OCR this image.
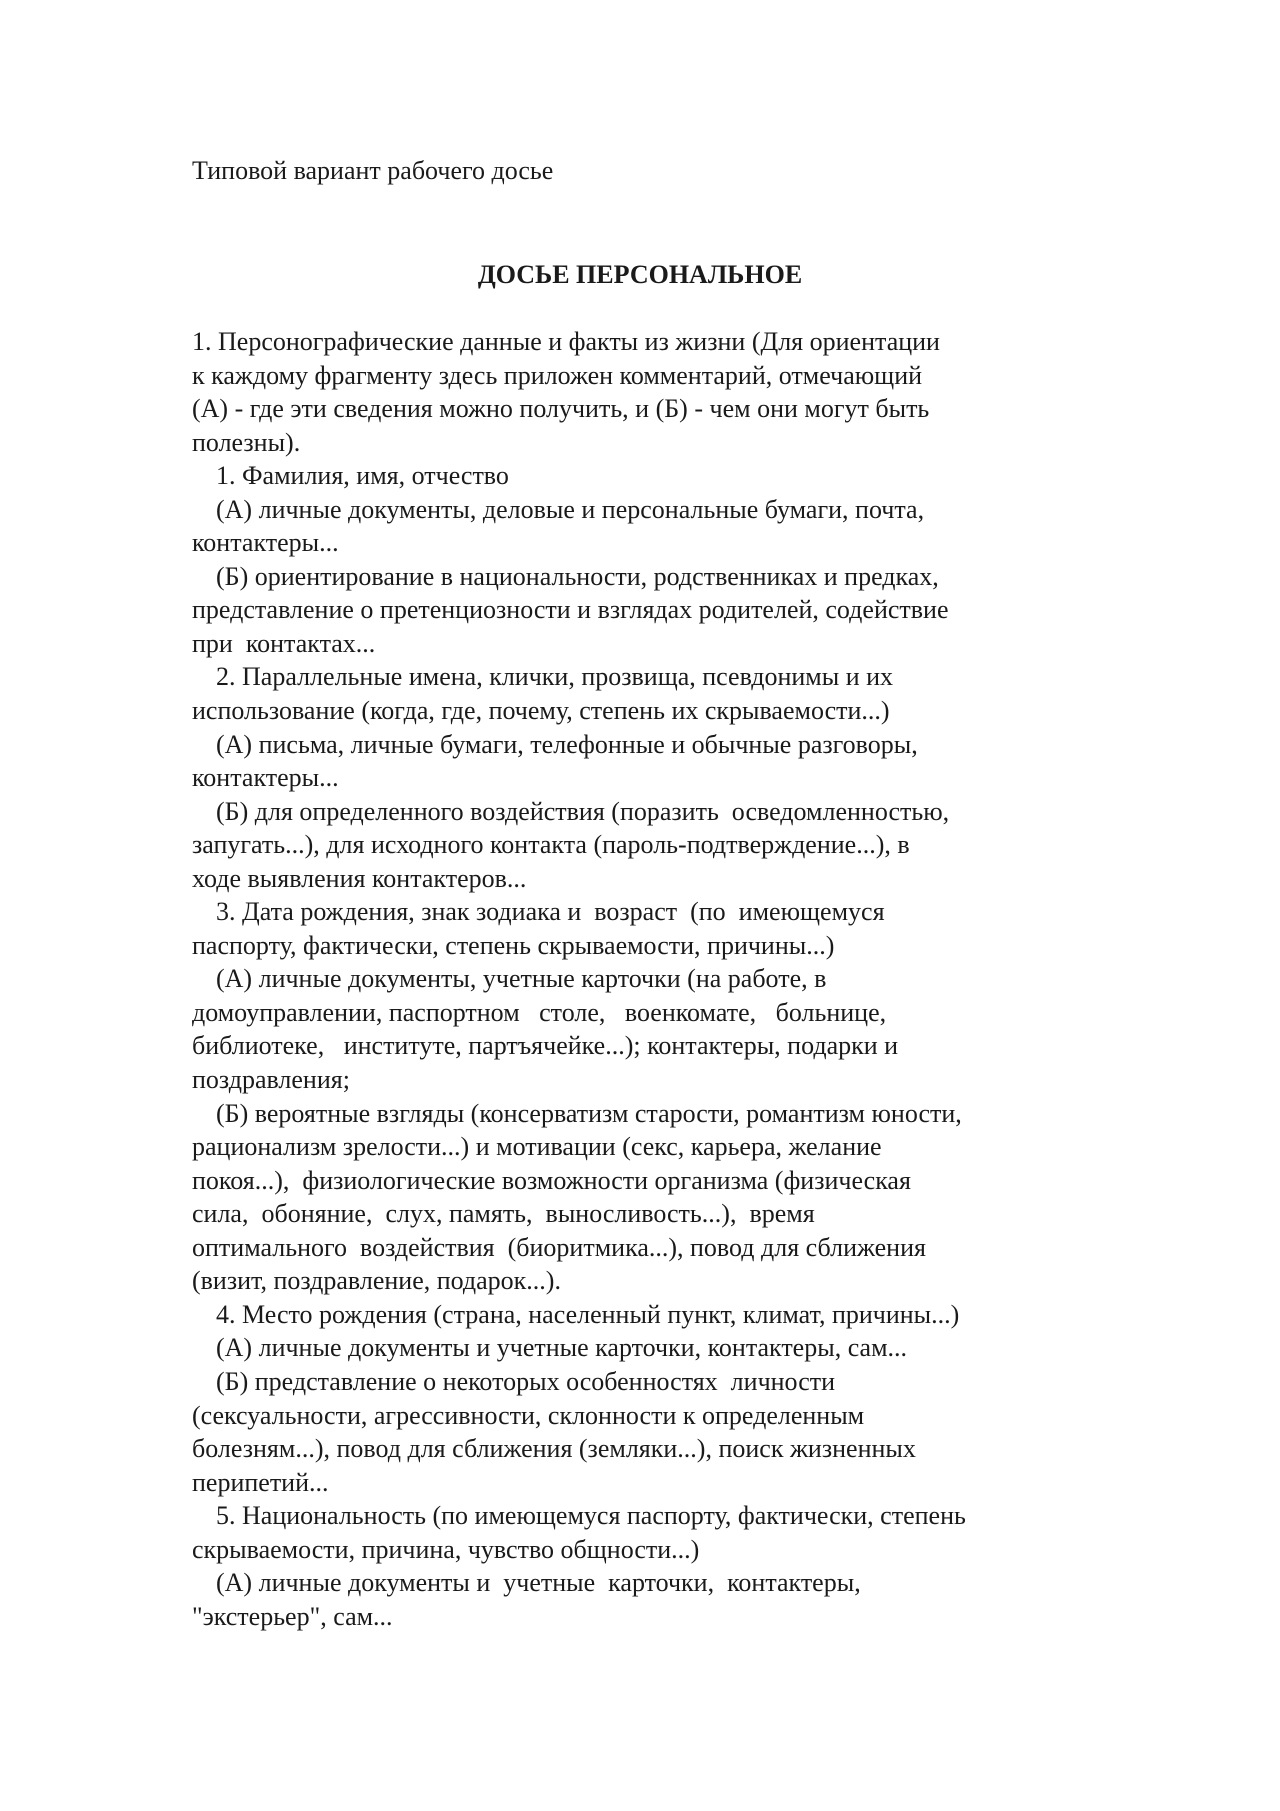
Типовой вариант рабочего досье

ДОСЬЕ ПЕРСОНАЛЬНОЕ
1. Персонографические данные и факты из жизни (Для ориентации
к каждому фрагменту здесь приложен комментарий, отмечающий
(А) - где эти сведения можно получить, и (Б) - чем они могут быть
полезны).
1. Фамилия, имя, отчество
(А) личные документы, деловые и персональные бумаги, почта,
контактеры...
(Б) ориентирование в национальности, родственниках и предках,
представление о претенциозности и взглядах родителей, содействие
при  контактах...
2. Параллельные имена, клички, прозвища, псевдонимы и их
использование (когда, где, почему, степень их скрываемости...)
(А) письма, личные бумаги, телефонные и обычные разговоры,
контактеры...
(Б) для определенного воздействия (поразить  осведомленностью,
запугать...), для исходного контакта (пароль-подтверждение...), в
ходе выявления контактеров...
3. Дата рождения, знак зодиака и  возраст  (по  имеющемуся
паспорту, фактически, степень скрываемости, причины...)
(А) личные документы, учетные карточки (на работе, в
домоуправлении, паспортном   столе,   военкомате,   больнице,
библиотеке,   институте, партъячейке...); контактеры, подарки и
поздравления;
(Б) вероятные взгляды (консерватизм старости, романтизм юности,
рационализм зрелости...) и мотивации (секс, карьера, желание
покоя...),  физиологические возможности организма (физическая
сила,  обоняние,  слух, память,  выносливость...),  время
оптимального  воздействия  (биоритмика...), повод для сближения
(визит, поздравление, подарок...).
4. Место рождения (страна, населенный пункт, климат, причины...)
(А) личные документы и учетные карточки, контактеры, сам...
(Б) представление о некоторых особенностях  личности
(сексуальности, агрессивности, склонности к определенным
болезням...), повод для сближения (земляки...), поиск жизненных
перипетий...
5. Национальность (по имеющемуся паспорту, фактически, степень
скрываемости, причина, чувство общности...)
(А) личные документы и  учетные  карточки,  контактеры,
"экстерьер", сам...
